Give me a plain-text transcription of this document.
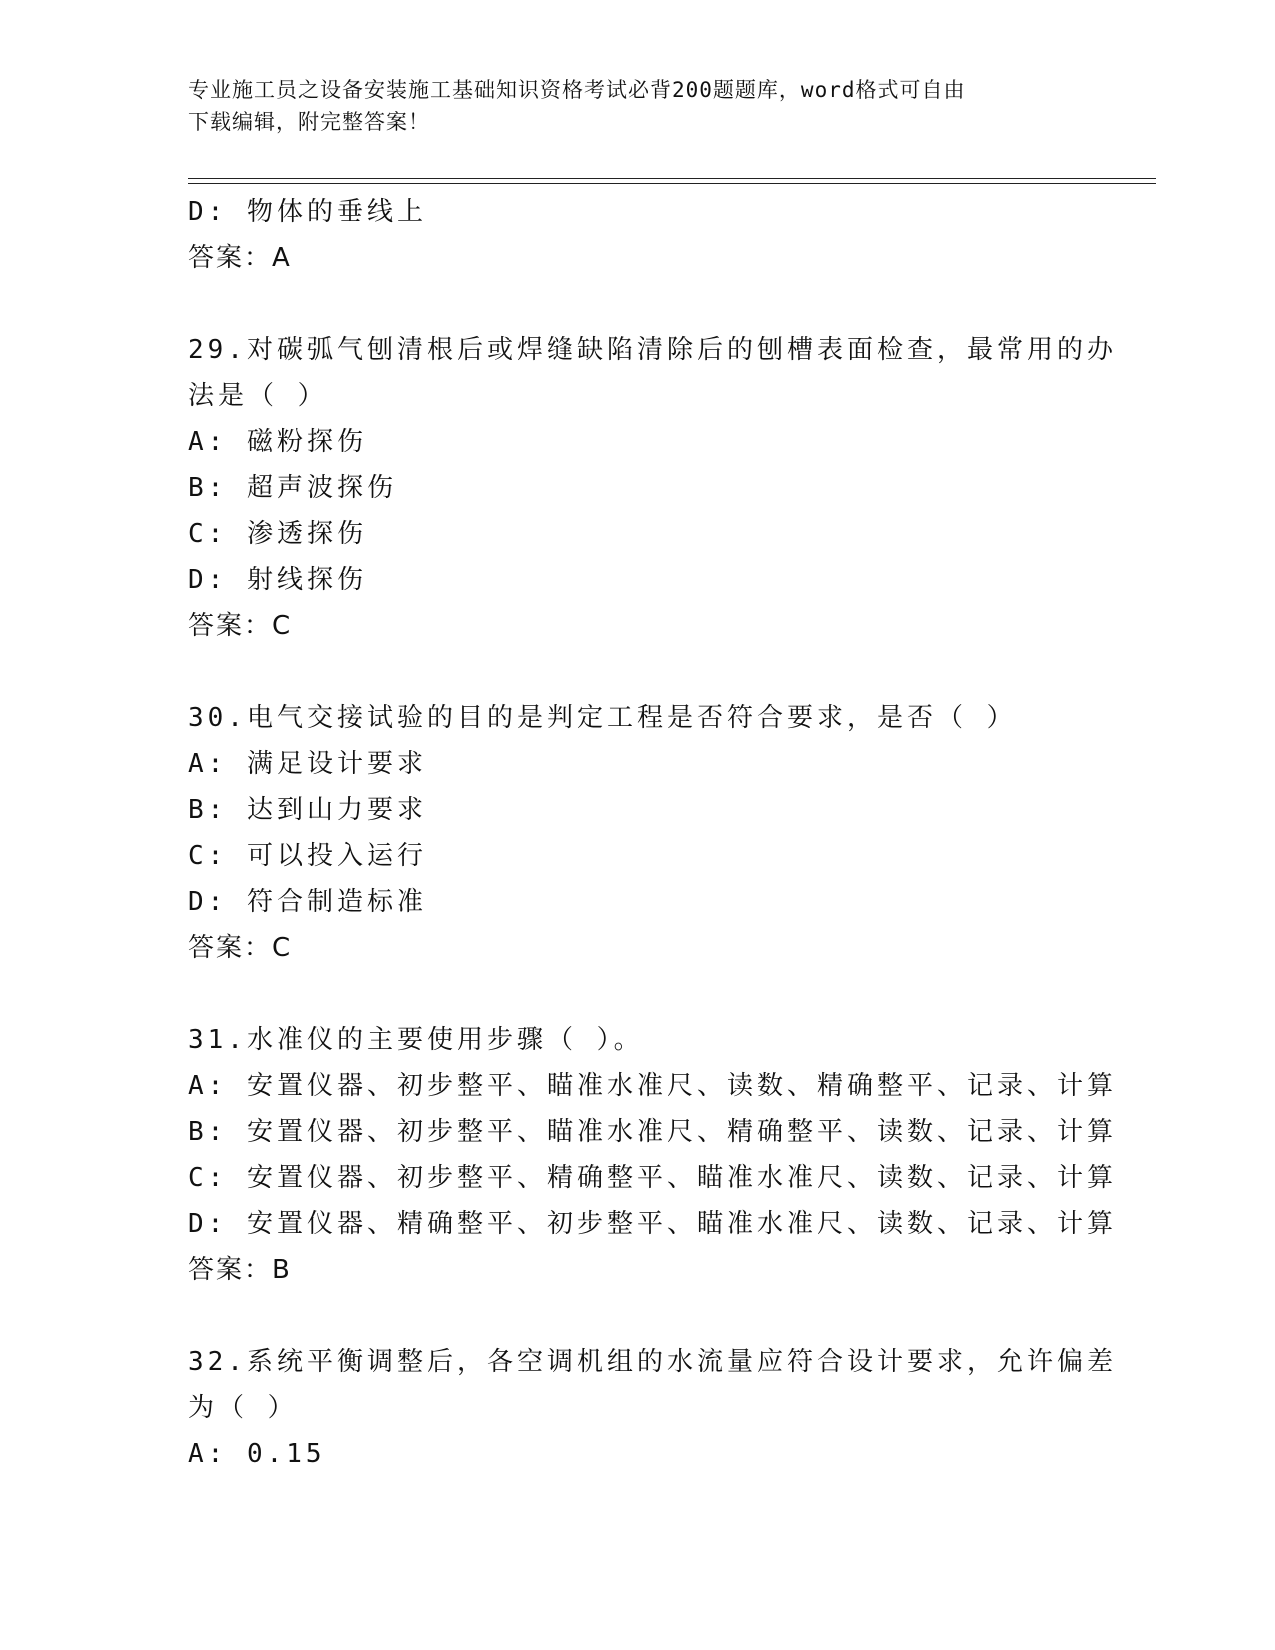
专业施工员之设备安装施工基础知识资格考试必背200题题库，word格式可自由
下载编辑，附完整答案！
D: 物体的垂线上
答案：A
29.对碳弧气刨清根后或焊缝缺陷清除后的刨槽表面检查，最常用的办
法是（ ）
A: 磁粉探伤
B: 超声波探伤
C: 渗透探伤
D: 射线探伤
答案：C
30.电气交接试验的目的是判定工程是否符合要求，是否（ ）
A: 满足设计要求
B: 达到山力要求
C: 可以投入运行
D: 符合制造标准
答案：C
31.水准仪的主要使用步骤（ ）。
A: 安置仪器、初步整平、瞄准水准尺、读数、精确整平、记录、计算
B: 安置仪器、初步整平、瞄准水准尺、精确整平、读数、记录、计算
C: 安置仪器、初步整平、精确整平、瞄准水准尺、读数、记录、计算
D: 安置仪器、精确整平、初步整平、瞄准水准尺、读数、记录、计算
答案：B
32.系统平衡调整后，各空调机组的水流量应符合设计要求，允许偏差
为（ ）
A: 0.15
